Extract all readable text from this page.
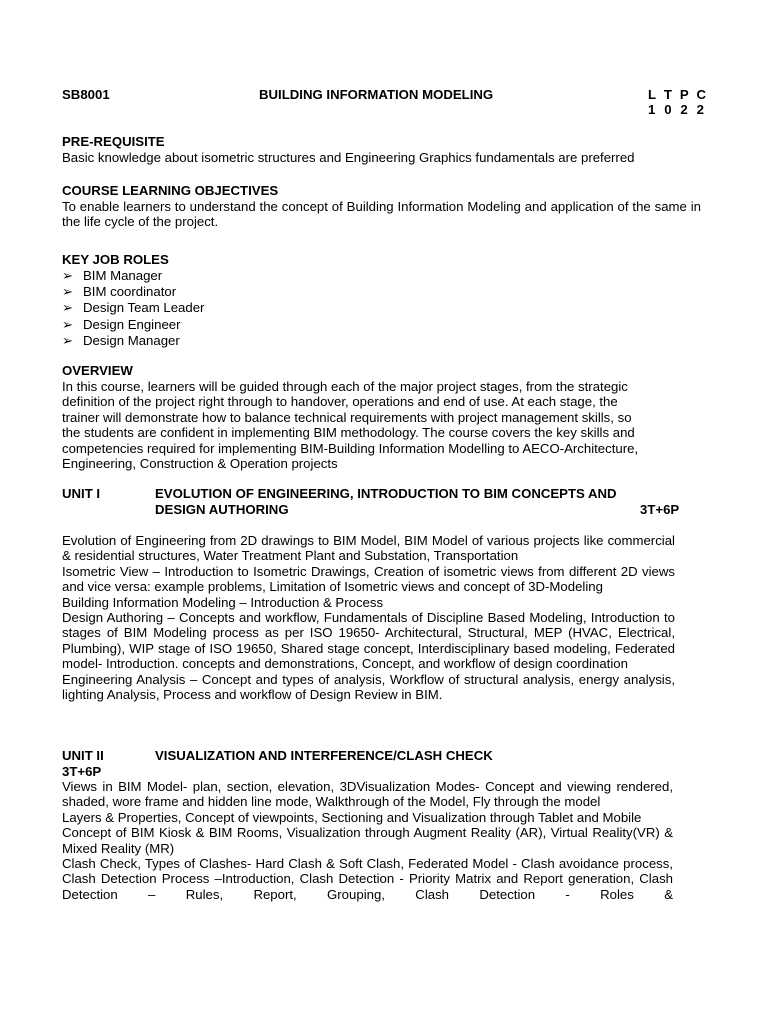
SB8001	BUILDING INFORMATION MODELING	L T P C
1 0 2 2
PRE-REQUISITE
Basic knowledge about isometric structures and Engineering Graphics fundamentals are preferred
COURSE LEARNING OBJECTIVES
To enable learners to understand the concept of Building Information Modeling and application of the same in the life cycle of the project.
KEY JOB ROLES
➢ BIM Manager
➢ BIM coordinator
➢ Design Team Leader
➢ Design Engineer
➢ Design Manager
OVERVIEW

In this course, learners will be guided through each of the major project stages, from the strategic

definition of the project right through to handover, operations and end of use. At each stage, the

trainer will demonstrate how to balance technical requirements with project management skills, so

the students are confident in implementing BIM methodology. The course covers the key skills and

competencies required for implementing BIM-Building Information Modelling to AECO-Architecture,

Engineering, Construction & Operation projects

UNIT I	EVOLUTION OF ENGINEERING, INTRODUCTION TO BIM CONCEPTS AND
DESIGN AUTHORING	3T+6P

Evolution of Engineering from 2D drawings to BIM Model, BIM Model of various projects like commercial & residential structures, Water Treatment Plant and Substation, Transportation

Isometric View – Introduction to Isometric Drawings, Creation of isometric views from different 2D views and vice versa: example problems, Limitation of Isometric views and concept of 3D-Modeling

Building Information Modeling – Introduction & Process

Design Authoring – Concepts and workflow, Fundamentals of Discipline Based Modeling, Introduction to stages of BIM Modeling process as per ISO 19650- Architectural, Structural, MEP (HVAC, Electrical, Plumbing), WIP stage of ISO 19650, Shared stage concept, Interdisciplinary based modeling, Federated model- Introduction. concepts and demonstrations, Concept, and workflow of design coordination

Engineering Analysis – Concept and types of analysis, Workflow of structural analysis, energy analysis, lighting Analysis, Process and workflow of Design Review in BIM.

UNIT II	VISUALIZATION AND INTERFERENCE/CLASH CHECK
3T+6P

Views in BIM Model- plan, section, elevation, 3DVisualization Modes- Concept and viewing rendered, shaded, wore frame and hidden line mode, Walkthrough of the Model, Fly through the model

Layers & Properties, Concept of viewpoints, Sectioning and Visualization through Tablet and Mobile

Concept of BIM Kiosk & BIM Rooms, Visualization through Augment Reality (AR), Virtual Reality(VR) & Mixed Reality (MR)

Clash Check, Types of Clashes- Hard Clash & Soft Clash, Federated Model - Clash avoidance process, Clash Detection Process –Introduction, Clash Detection - Priority Matrix and Report generation, Clash Detection – Rules, Report, Grouping, Clash Detection - Roles &
